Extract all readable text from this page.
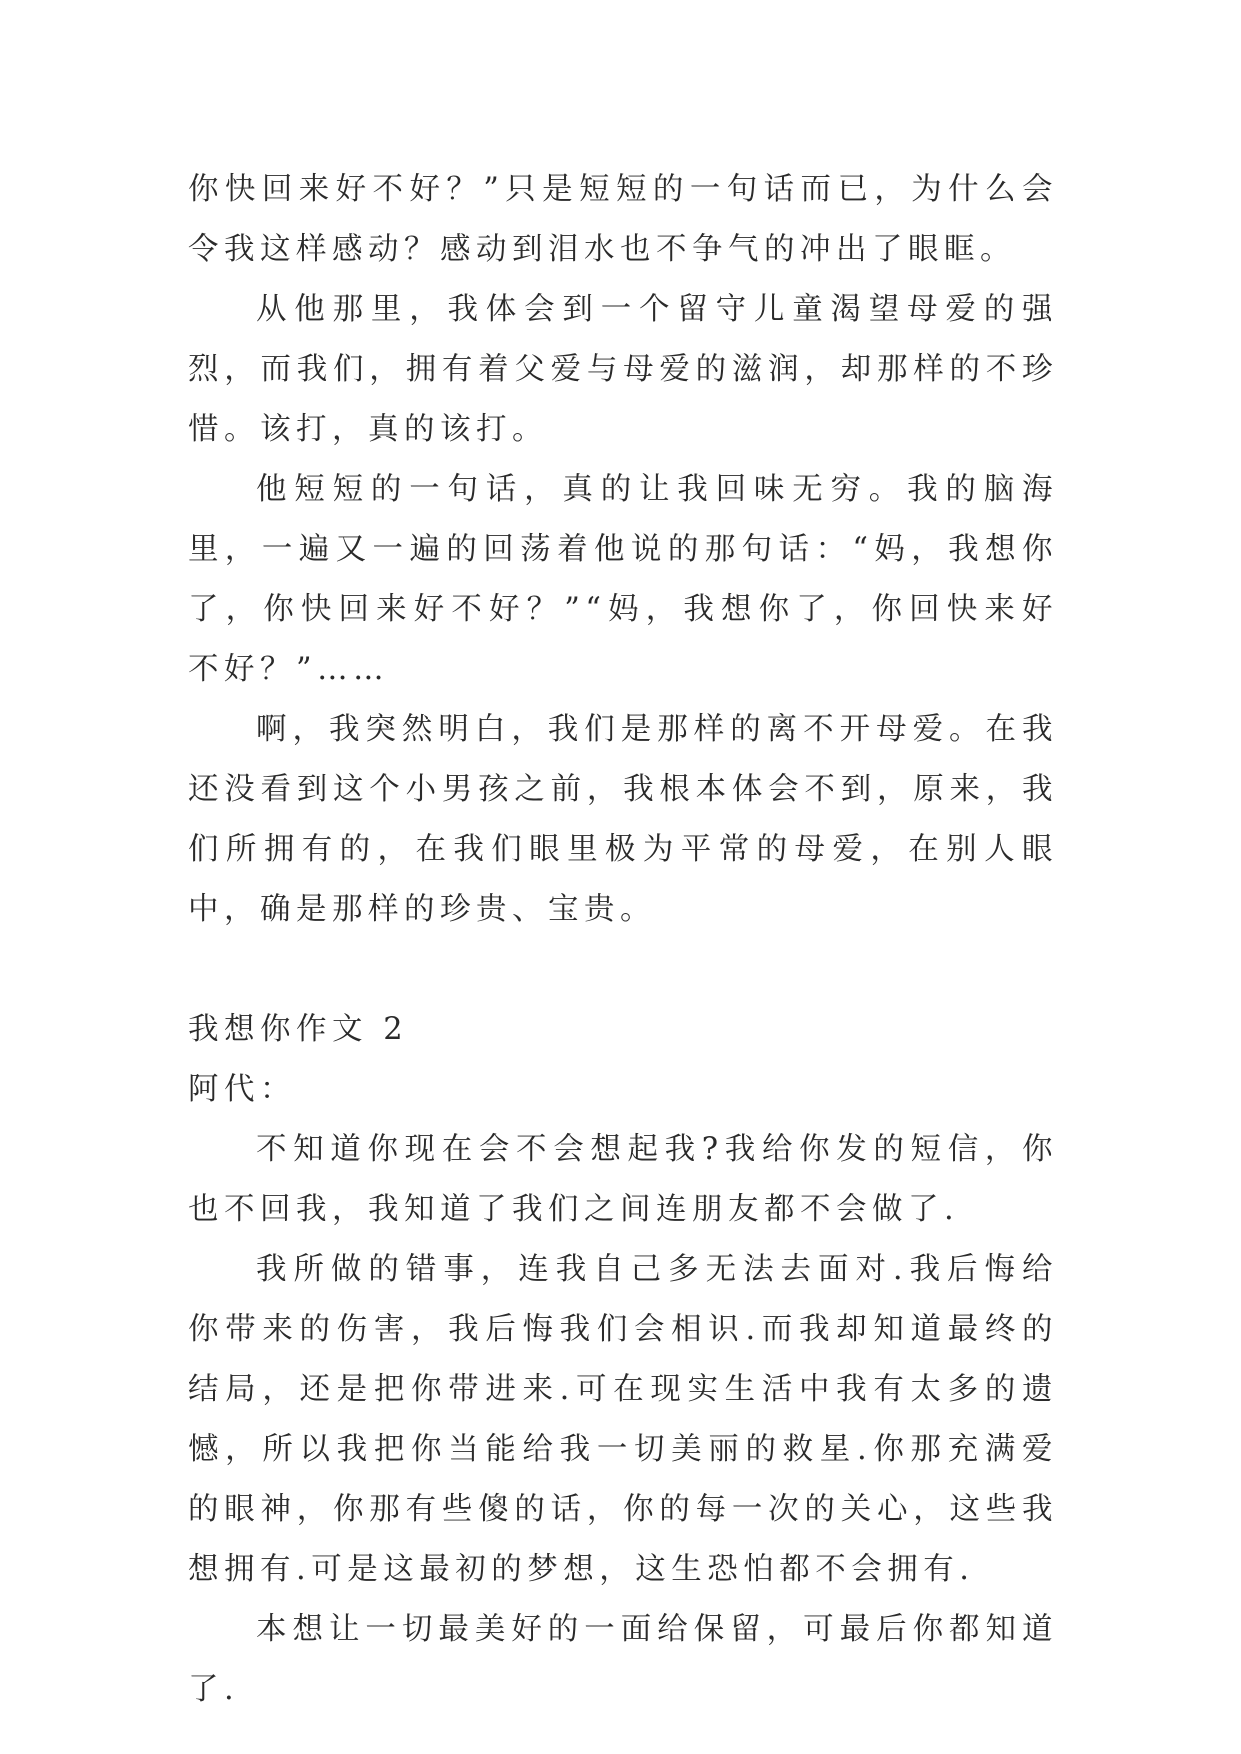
你快回来好不好？”只是短短的一句话而已，为什么会令我这样感动？感动到泪水也不争气的冲出了眼眶。

从他那里，我体会到一个留守儿童渴望母爱的强烈，而我们，拥有着父爱与母爱的滋润，却那样的不珍惜。该打，真的该打。

他短短的一句话，真的让我回味无穷。我的脑海里，一遍又一遍的回荡着他说的那句话：“妈，我想你了，你快回来好不好？”“妈，我想你了，你回快来好不好？”……

啊，我突然明白，我们是那样的离不开母爱。在我还没看到这个小男孩之前，我根本体会不到，原来，我们所拥有的，在我们眼里极为平常的母爱，在别人眼中，确是那样的珍贵、宝贵。

我想你作文 2

阿代：

不知道你现在会不会想起我?我给你发的短信，你也不回我，我知道了我们之间连朋友都不会做了.

我所做的错事，连我自己多无法去面对.我后悔给你带来的伤害，我后悔我们会相识.而我却知道最终的结局，还是把你带进来.可在现实生活中我有太多的遗憾，所以我把你当能给我一切美丽的救星.你那充满爱的眼神，你那有些傻的话，你的每一次的关心，这些我想拥有.可是这最初的梦想，这生恐怕都不会拥有.

本想让一切最美好的一面给保留，可最后你都知道了.
